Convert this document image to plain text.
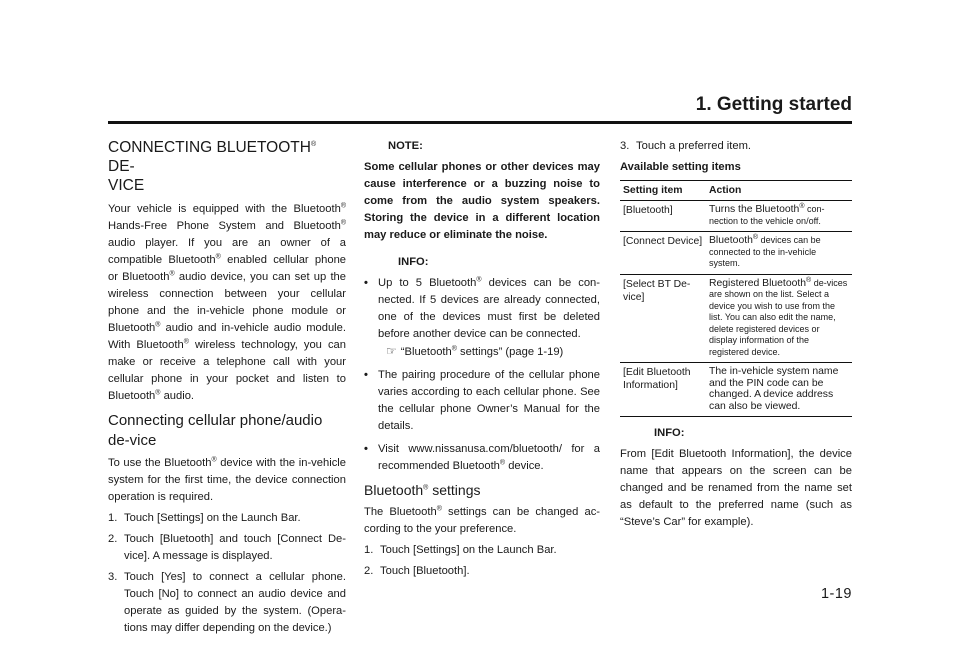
1. Getting started
CONNECTING BLUETOOTH® DE-
VICE

Your vehicle is equipped with the Bluetooth® Hands-Free Phone System and Bluetooth® audio player. If you are an owner of a compatible Bluetooth® enabled cellular phone or Bluetooth® audio device, you can set up the wireless connection between your cellular phone and the in-vehicle phone module or Bluetooth® audio and in-vehicle audio module. With Bluetooth® wireless technology, you can make or receive a telephone call with your cellular phone in your pocket and listen to Bluetooth® audio.

Connecting cellular phone/audio de-vice

To use the Bluetooth® device with the in-vehicle system for the first time, the device connection operation is required.

1. Touch [Settings] on the Launch Bar.
2. Touch [Bluetooth] and touch [Connect De-vice]. A message is displayed.
3. Touch [Yes] to connect a cellular phone. Touch [No] to connect an audio device and operate as guided by the system. (Opera-tions may differ depending on the device.)
NOTE:

Some cellular phones or other devices may cause interference or a buzzing noise to come from the audio system speakers. Storing the device in a different location may reduce or eliminate the noise.

INFO:
• Up to 5 Bluetooth® devices can be con-nected. If 5 devices are already connected, one of the devices must first be deleted before another device can be connected.
☞ “Bluetooth® settings” (page 1-19)
• The pairing procedure of the cellular phone varies according to each cellular phone. See the cellular phone Owner’s Manual for the details.
• Visit www.nissanusa.com/bluetooth/ for a recommended Bluetooth® device.
Bluetooth® settings

The Bluetooth® settings can be changed ac-cording to the your preference.

1. Touch [Settings] on the Launch Bar.
2. Touch [Bluetooth].
3. Touch a preferred item.
Available setting items
Setting item	Action
[Bluetooth]	Turns the Bluetooth® con-nection to the vehicle on/off.
[Connect Device]	Bluetooth® devices can be connected to the in-vehicle system.
[Select BT De-vice]	Registered Bluetooth® de-vices are shown on the list. Select a device you wish to use from the list. You can also edit the name, delete registered devices or display information of the registered device.
[Edit Bluetooth Information]	The in-vehicle system name and the PIN code can be changed. A device address can also be viewed.
INFO:

From [Edit Bluetooth Information], the device name that appears on the screen can be changed and be renamed from the name set as default to the preferred name (such as “Steve’s Car” for example).

1-19
